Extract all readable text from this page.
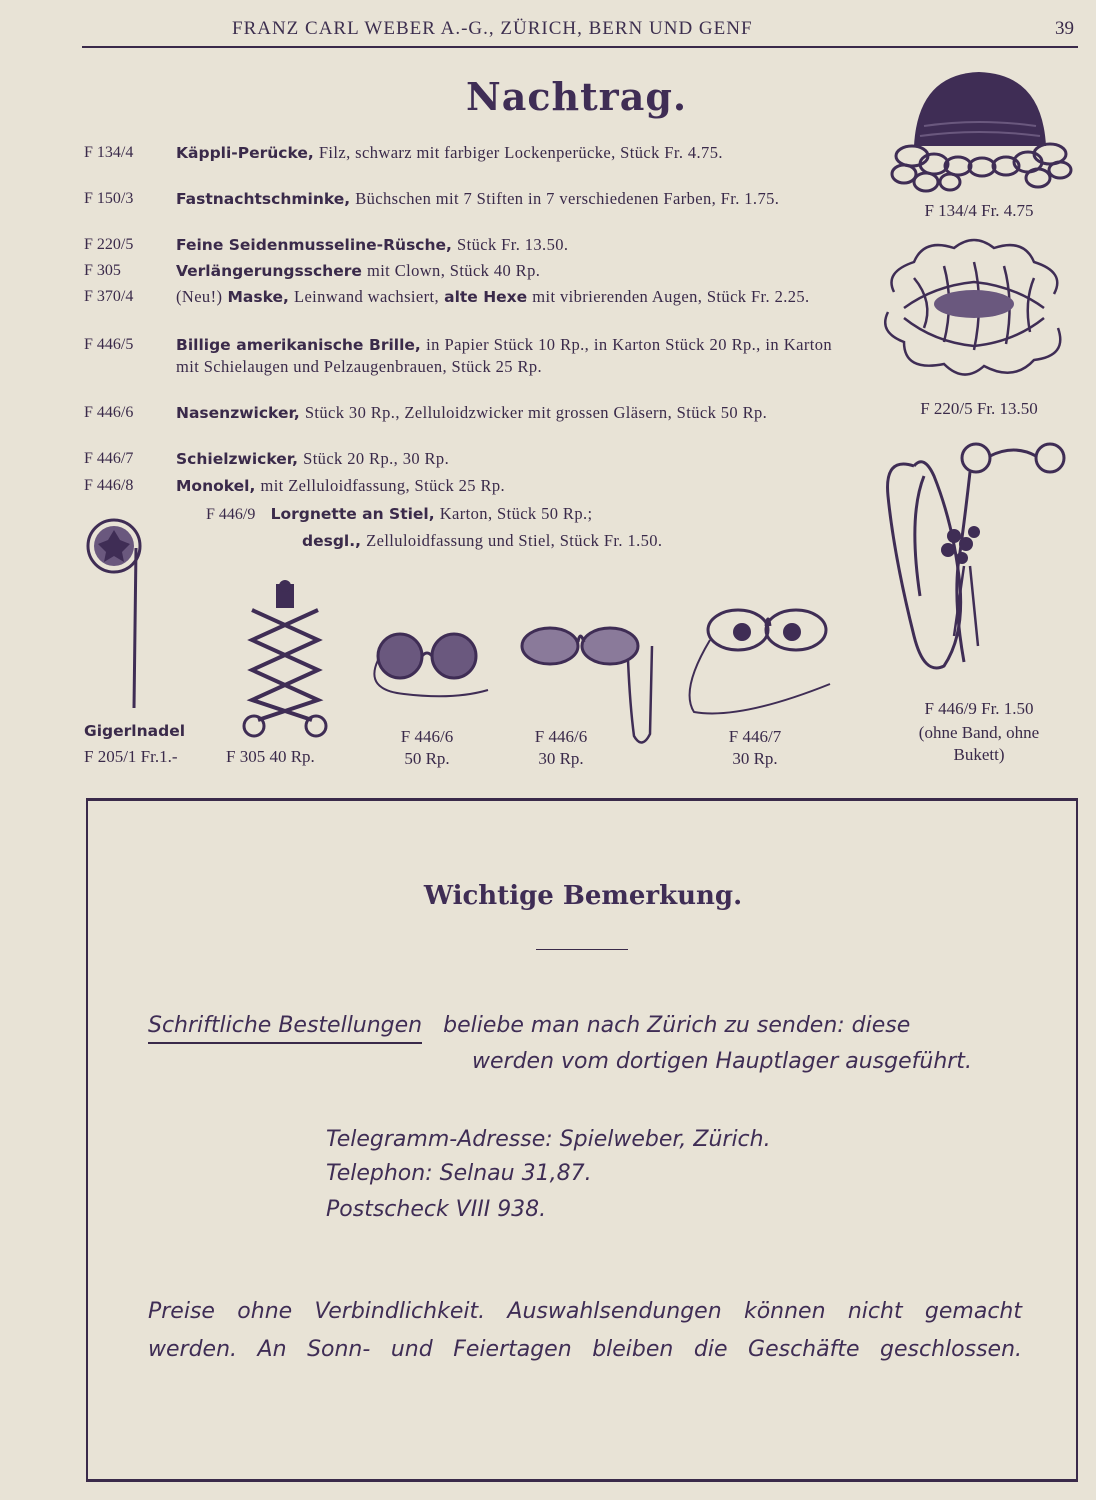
FRANZ CARL WEBER A.-G., ZÜRICH, BERN UND GENF	39
Nachtrag.
F 134/4	Käppli-Perücke, Filz, schwarz mit farbiger Lockenperücke, Stück Fr. 4.75.
F 150/3	Fastnachtschminke, Büchschen mit 7 Stiften in 7 verschiedenen Farben, Fr. 1.75.
F 220/5	Feine Seidenmusseline-Rüsche, Stück Fr. 13.50.
F 305	Verlängerungsschere mit Clown, Stück 40 Rp.
F 370/4	(Neu!) Maske, Leinwand wachsiert, alte Hexe mit vibrierenden Augen, Stück Fr. 2.25.
F 446/5	Billige amerikanische Brille, in Papier Stück 10 Rp., in Karton Stück 20 Rp., in Karton mit Schielaugen und Pelzaugenbrauen, Stück 25 Rp.
F 446/6	Nasenzwicker, Stück 30 Rp., Zelluloidzwicker mit grossen Gläsern, Stück 50 Rp.
F 446/7	Schielzwicker, Stück 20 Rp., 30 Rp.
F 446/8	Monokel, mit Zelluloidfassung, Stück 25 Rp.
F 446/9 Lorgnette an Stiel, Karton, Stück 50 Rp.;
desgl., Zelluloidfassung und Stiel, Stück Fr. 1.50.
F 134/4 Fr. 4.75
F 220/5 Fr. 13.50
F 446/9 Fr. 1.50
(ohne Band, ohne
Bukett)
Gigerlnadel
F 205/1 Fr.1.-	F 305 40 Rp.
F 446/6
50 Rp.
F 446/6
30 Rp.
F 446/7
30 Rp.
Wichtige Bemerkung.
Schriftliche Bestellungen beliebe man nach Zürich zu senden: diese
werden vom dortigen Hauptlager ausgeführt.
Telegramm-Adresse: Spielweber, Zürich.
Telephon: Selnau 31,87.
Postscheck VIII 938.
Preise ohne Verbindlichkeit. Auswahlsendungen können nicht gemacht
werden. An Sonn- und Feiertagen bleiben die Geschäfte geschlossen.
